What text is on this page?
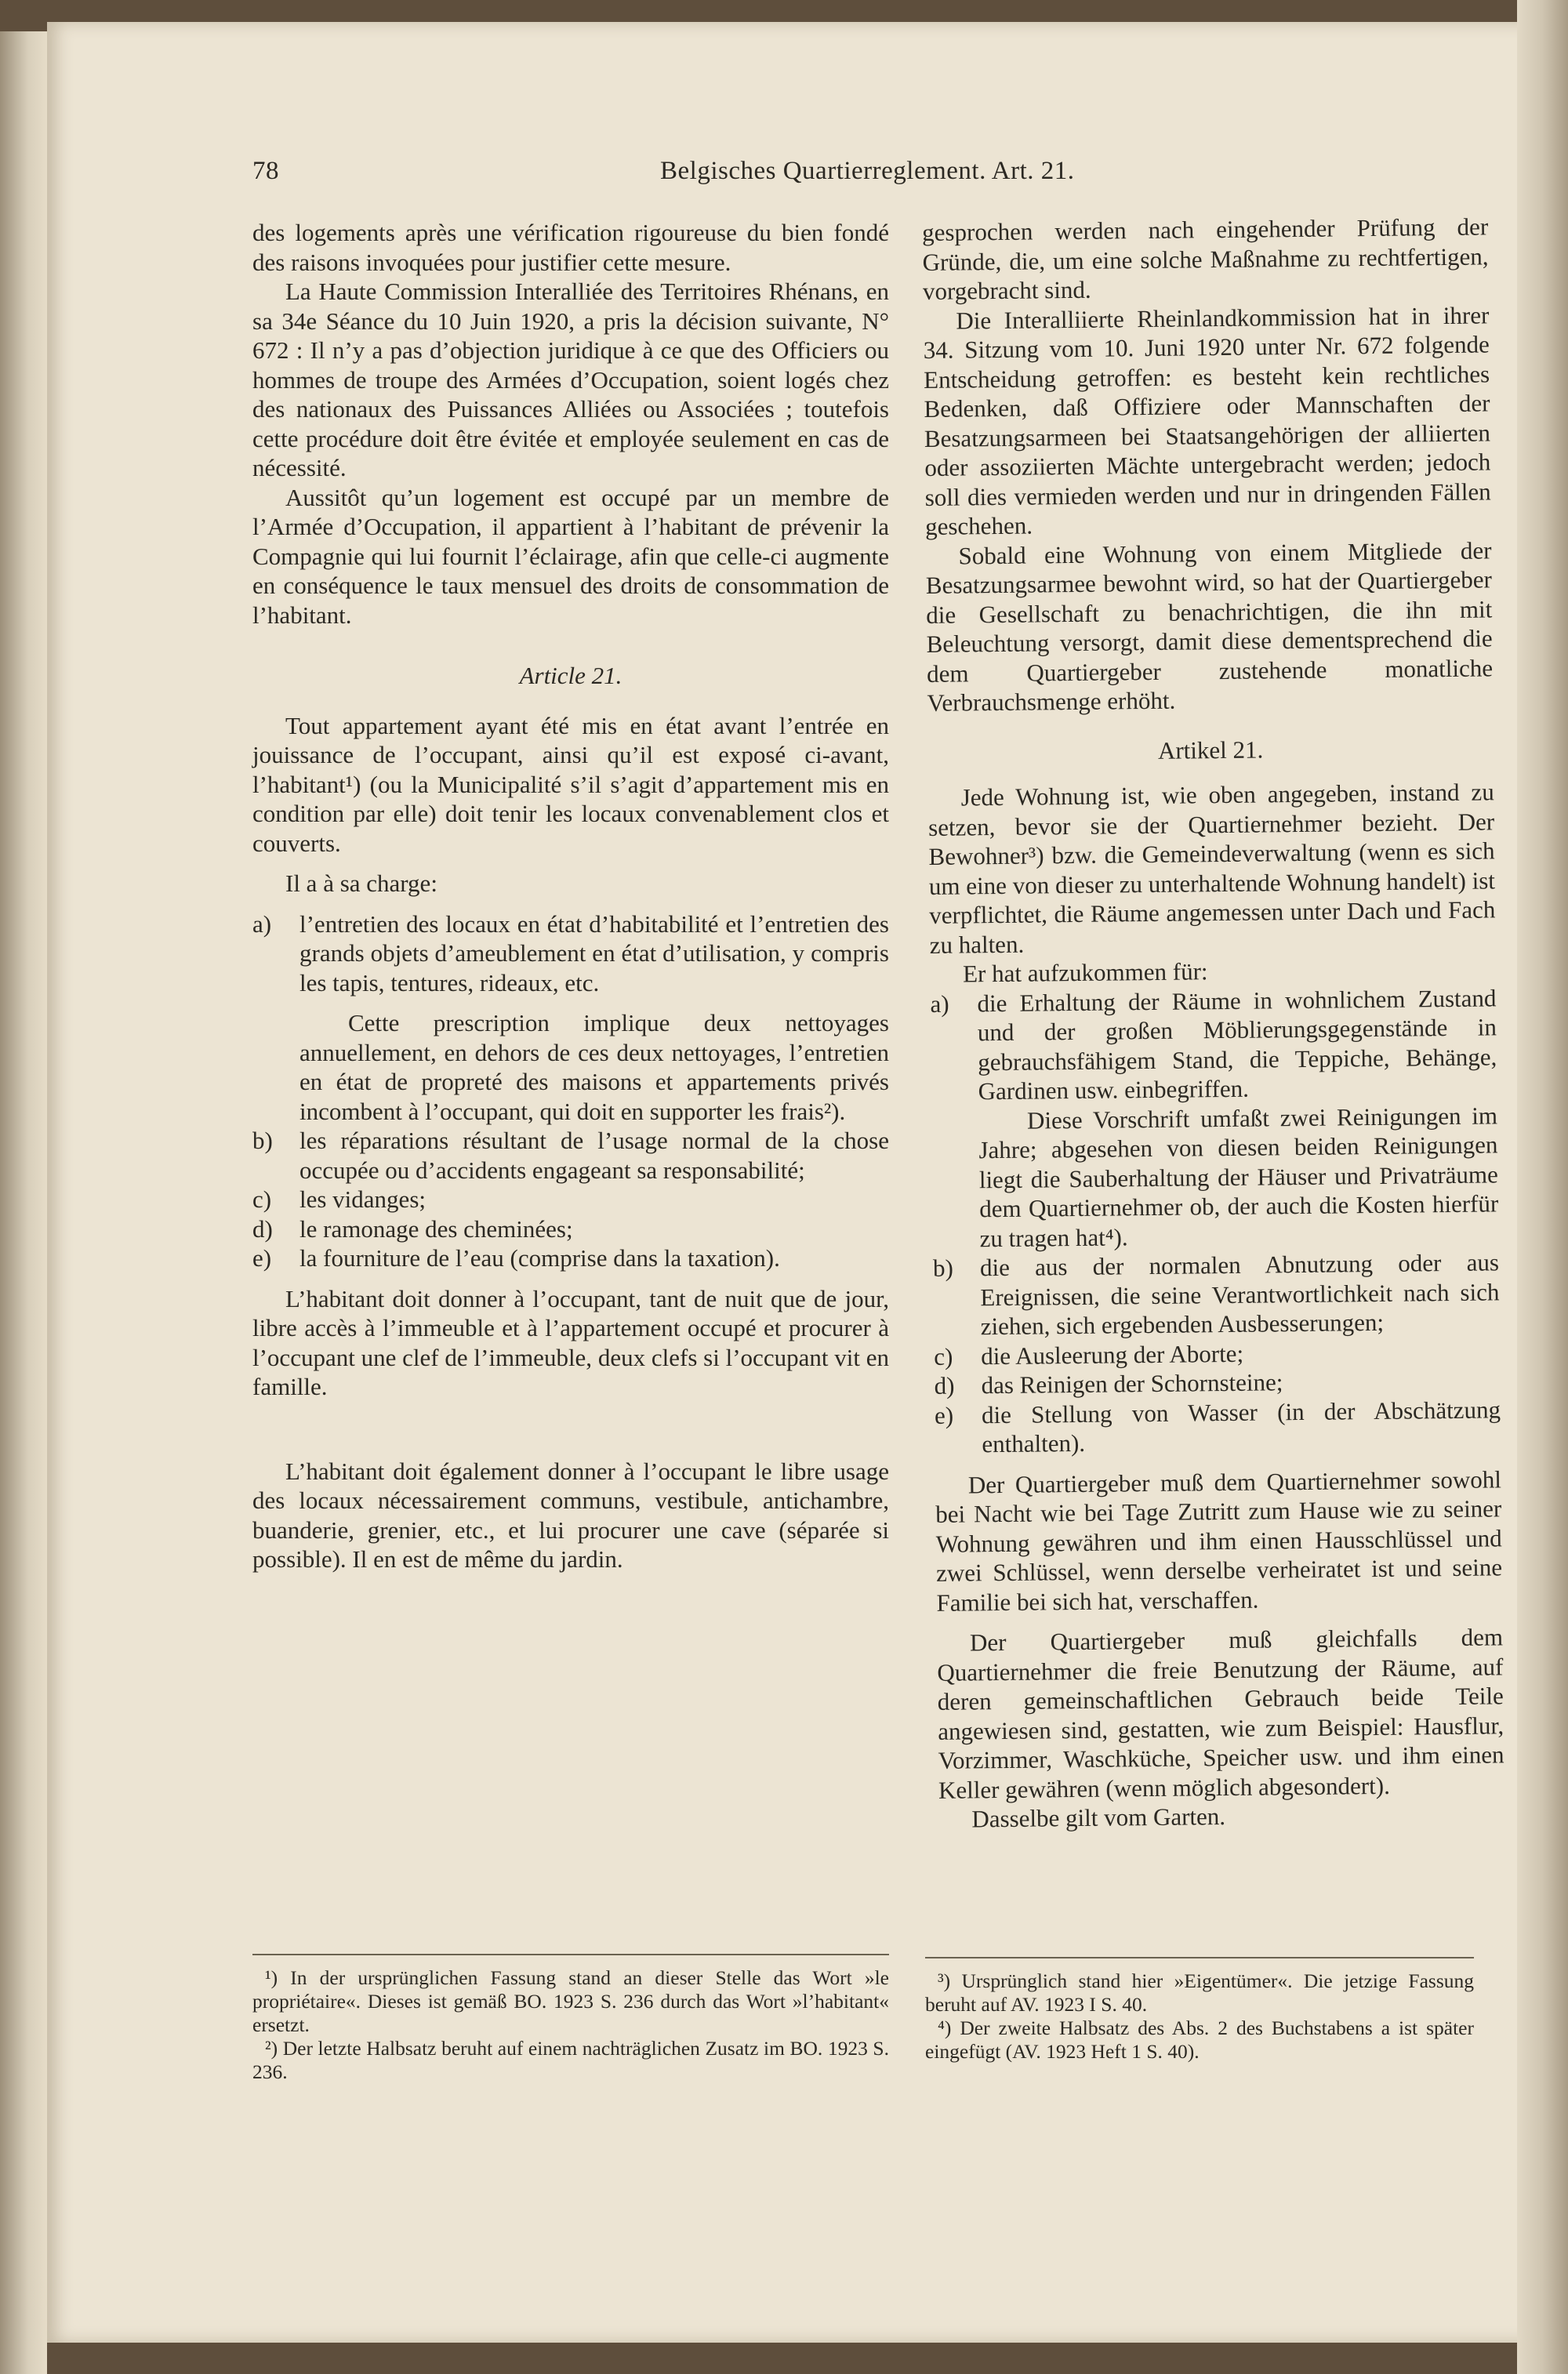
78	Belgisches Quartierreglement. Art. 21.

des logements après une vérification rigoureuse du bien fondé des raisons invoquées pour justifier cette mesure.

La Haute Commission Interalliée des Territoires Rhénans, en sa 34e Séance du 10 Juin 1920, a pris la décision suivante, N° 672 : Il n’y a pas d’objection juridique à ce que des Officiers ou hommes de troupe des Armées d’Occupation, soient logés chez des nationaux des Puissances Alliées ou Associées ; toutefois cette procédure doit être évitée et employée seulement en cas de nécessité.

Aussitôt qu’un logement est occupé par un membre de l’Armée d’Occupation, il appartient à l’habitant de prévenir la Compagnie qui lui fournit l’éclairage, afin que celle-ci augmente en conséquence le taux mensuel des droits de consommation de l’habitant.

Article 21.

Tout appartement ayant été mis en état avant l’entrée en jouissance de l’occupant, ainsi qu’il est exposé ci-avant, l’habitant¹) (ou la Municipalité s’il s’agit d’appartement mis en condition par elle) doit tenir les locaux convenablement clos et couverts.

Il a à sa charge:

a) l’entretien des locaux en état d’habitabilité et l’entretien des grands objets d’ameublement en état d’utilisation, y compris les tapis, tentures, rideaux, etc.

Cette prescription implique deux nettoyages annuellement, en dehors de ces deux nettoyages, l’entretien en état de propreté des maisons et appartements privés incombent à l’occupant, qui doit en supporter les frais²).

b) les réparations résultant de l’usage normal de la chose occupée ou d’accidents engageant sa responsabilité;

c) les vidanges;

d) le ramonage des cheminées;

e) la fourniture de l’eau (comprise dans la taxation).

L’habitant doit donner à l’occupant, tant de nuit que de jour, libre accès à l’immeuble et à l’appartement occupé et procurer à l’occupant une clef de l’immeuble, deux clefs si l’occupant vit en famille.

L’habitant doit également donner à l’occupant le libre usage des locaux nécessairement communs, vestibule, antichambre, buanderie, grenier, etc., et lui procurer une cave (séparée si possible). Il en est de même du jardin.

gesprochen werden nach eingehender Prüfung der Gründe, die, um eine solche Maßnahme zu rechtfertigen, vorgebracht sind.

Die Interalliierte Rheinlandkommission hat in ihrer 34. Sitzung vom 10. Juni 1920 unter Nr. 672 folgende Entscheidung getroffen: es besteht kein rechtliches Bedenken, daß Offiziere oder Mannschaften der Besatzungsarmeen bei Staatsangehörigen der alliierten oder assoziierten Mächte untergebracht werden; jedoch soll dies vermieden werden und nur in dringenden Fällen geschehen.

Sobald eine Wohnung von einem Mitgliede der Besatzungsarmee bewohnt wird, so hat der Quartiergeber die Gesellschaft zu benachrichtigen, die ihn mit Beleuchtung versorgt, damit diese dementsprechend die dem Quartiergeber zustehende monatliche Verbrauchsmenge erhöht.

Artikel 21.

Jede Wohnung ist, wie oben angegeben, instand zu setzen, bevor sie der Quartiernehmer bezieht. Der Bewohner³) bzw. die Gemeindeverwaltung (wenn es sich um eine von dieser zu unterhaltende Wohnung handelt) ist verpflichtet, die Räume angemessen unter Dach und Fach zu halten.

Er hat aufzukommen für:

a) die Erhaltung der Räume in wohnlichem Zustand und der großen Möblierungsgegenstände in gebrauchsfähigem Stand, die Teppiche, Behänge, Gardinen usw. einbegriffen.

Diese Vorschrift umfaßt zwei Reinigungen im Jahre; abgesehen von diesen beiden Reinigungen liegt die Sauberhaltung der Häuser und Privaträume dem Quartiernehmer ob, der auch die Kosten hierfür zu tragen hat⁴).

b) die aus der normalen Abnutzung oder aus Ereignissen, die seine Verantwortlichkeit nach sich ziehen, sich ergebenden Ausbesserungen;

c) die Ausleerung der Aborte;

d) das Reinigen der Schornsteine;

e) die Stellung von Wasser (in der Abschätzung enthalten).

Der Quartiergeber muß dem Quartiernehmer sowohl bei Nacht wie bei Tage Zutritt zum Hause wie zu seiner Wohnung gewähren und ihm einen Hausschlüssel und zwei Schlüssel, wenn derselbe verheiratet ist und seine Familie bei sich hat, verschaffen.

Der Quartiergeber muß gleichfalls dem Quartiernehmer die freie Benutzung der Räume, auf deren gemeinschaftlichen Gebrauch beide Teile angewiesen sind, gestatten, wie zum Beispiel: Hausflur, Vorzimmer, Waschküche, Speicher usw. und ihm einen Keller gewähren (wenn möglich abgesondert).

Dasselbe gilt vom Garten.

¹) In der ursprünglichen Fassung stand an dieser Stelle das Wort »le propriétaire«. Dieses ist gemäß BO. 1923 S. 236 durch das Wort »l’habitant« ersetzt.

²) Der letzte Halbsatz beruht auf einem nachträglichen Zusatz im BO. 1923 S. 236.

³) Ursprünglich stand hier »Eigentümer«. Die jetzige Fassung beruht auf AV. 1923 I S. 40.

⁴) Der zweite Halbsatz des Abs. 2 des Buchstabens a ist später eingefügt (AV. 1923 Heft 1 S. 40).
